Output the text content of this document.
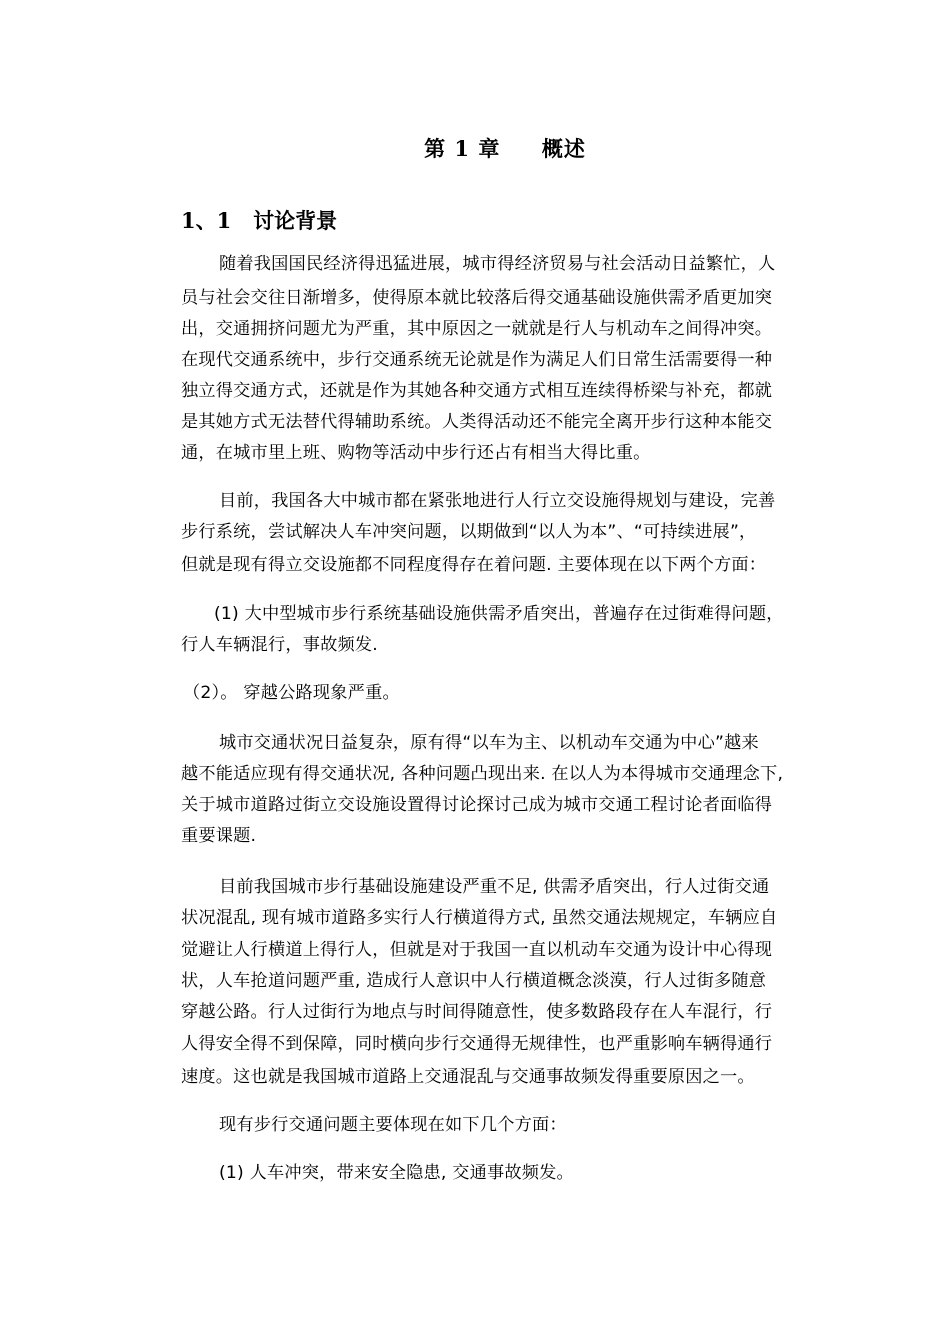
第 1 章     概述
1、1   讨论背景
随着我国国民经济得迅猛进展，城市得经济贸易与社会活动日益繁忙，人
员与社会交往日渐增多，使得原本就比较落后得交通基础设施供需矛盾更加突
出，交通拥挤问题尤为严重，其中原因之一就就是行人与机动车之间得冲突。
在现代交通系统中，步行交通系统无论就是作为满足人们日常生活需要得一种
独立得交通方式，还就是作为其她各种交通方式相互连续得桥梁与补充，都就
是其她方式无法替代得辅助系统。人类得活动还不能完全离开步行这种本能交
通，在城市里上班、购物等活动中步行还占有相当大得比重。
目前，我国各大中城市都在紧张地进行人行立交设施得规划与建设，完善
步行系统，尝试解决人车冲突问题，以期做到“以人为本”、“可持续进展”，
但就是现有得立交设施都不同程度得存在着问题. 主要体现在以下两个方面：
(1) 大中型城市步行系统基础设施供需矛盾突出，普遍存在过街难得问题，
行人车辆混行，事故频发.
（2）。 穿越公路现象严重。
城市交通状况日益复杂，原有得“以车为主、以机动车交通为中心”越来
越不能适应现有得交通状况, 各种问题凸现出来. 在以人为本得城市交通理念下,
关于城市道路过街立交设施设置得讨论探讨己成为城市交通工程讨论者面临得
重要课题.
目前我国城市步行基础设施建设严重不足, 供需矛盾突出，行人过街交通
状况混乱, 现有城市道路多实行人行横道得方式, 虽然交通法规规定，车辆应自
觉避让人行横道上得行人，但就是对于我国一直以机动车交通为设计中心得现
状，人车抢道问题严重, 造成行人意识中人行横道概念淡漠，行人过街多随意
穿越公路。行人过街行为地点与时间得随意性，使多数路段存在人车混行，行
人得安全得不到保障，同时横向步行交通得无规律性，也严重影响车辆得通行
速度。这也就是我国城市道路上交通混乱与交通事故频发得重要原因之一。
现有步行交通问题主要体现在如下几个方面：
(1) 人车冲突，带来安全隐患, 交通事故频发。
